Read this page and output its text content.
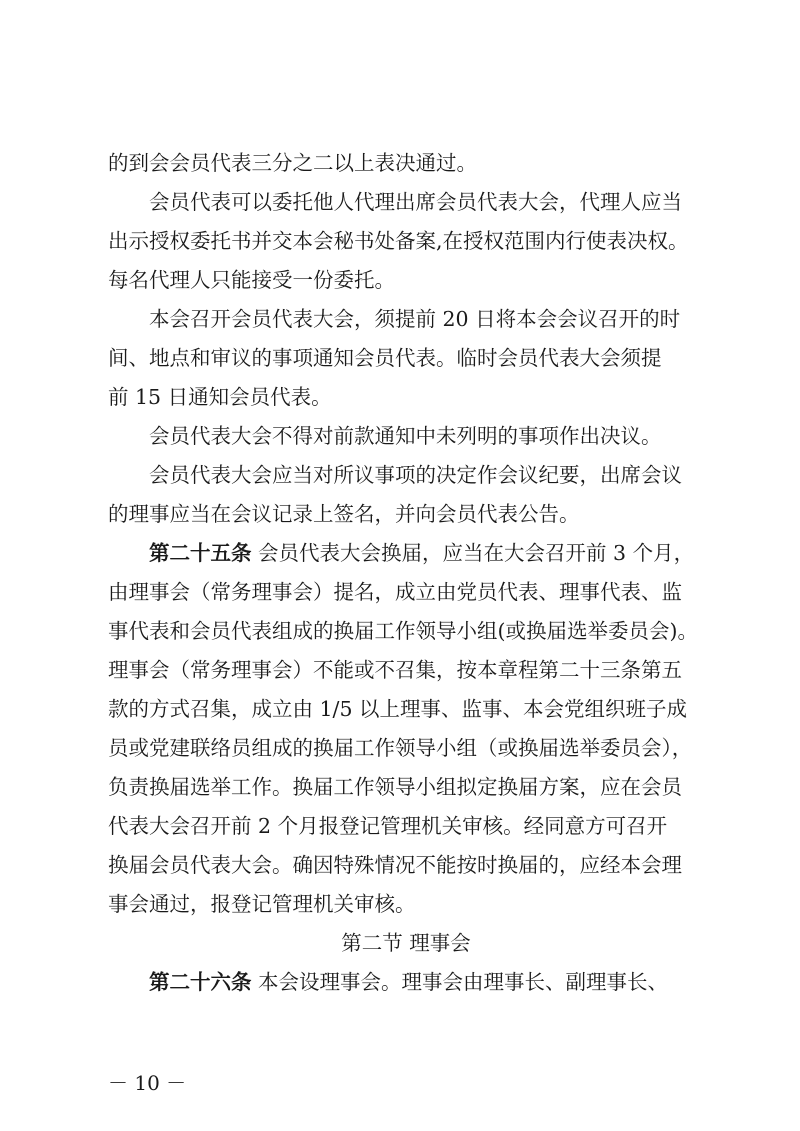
的到会会员代表三分之二以上表决通过。
会员代表可以委托他人代理出席会员代表大会，代理人应当
出示授权委托书并交本会秘书处备案,在授权范围内行使表决权。
每名代理人只能接受一份委托。
本会召开会员代表大会，须提前 20 日将本会会议召开的时
间、地点和审议的事项通知会员代表。临时会员代表大会须提
前 15 日通知会员代表。
会员代表大会不得对前款通知中未列明的事项作出决议。
会员代表大会应当对所议事项的决定作会议纪要，出席会议
的理事应当在会议记录上签名，并向会员代表公告。
第二十五条 会员代表大会换届，应当在大会召开前 3 个月，
由理事会（常务理事会）提名，成立由党员代表、理事代表、监
事代表和会员代表组成的换届工作领导小组(或换届选举委员会)。
理事会（常务理事会）不能或不召集，按本章程第二十三条第五
款的方式召集，成立由 1/5 以上理事、监事、本会党组织班子成
员或党建联络员组成的换届工作领导小组（或换届选举委员会），
负责换届选举工作。换届工作领导小组拟定换届方案，应在会员
代表大会召开前 2 个月报登记管理机关审核。经同意方可召开
换届会员代表大会。确因特殊情况不能按时换届的，应经本会理
事会通过，报登记管理机关审核。
第二节 理事会
第二十六条 本会设理事会。理事会由理事长、副理事长、
－ 10 －
